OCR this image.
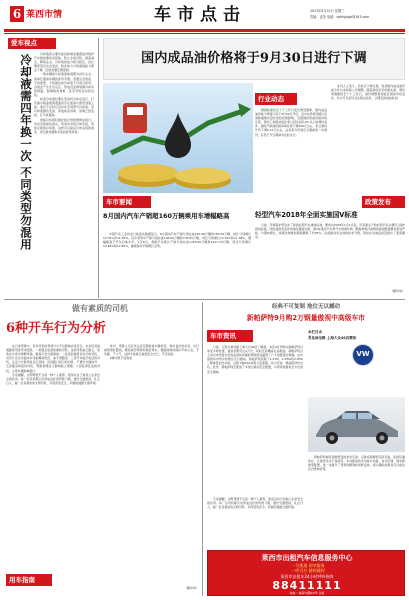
6 莱西市情	车市点击	2013年9月25日 星期三
责编：孟莹 电邮：qdbhjjsgb@163.com
爱车视点
冷却液需四年换一次 不同类型勿混用	冷却液的主要功能是抑制金属腐蚀并保护汽车散热器免受侵蚀，防止水垢沉积，提高沸点，降低冰点。冷却液的成分相当稳定，但长期使用后也会变质，防冻能力与防腐蚀能力都会下降，因此需要定期更换。

一般车辆的冷却液更换周期为四年左右，具体还要看车辆的使用手册。需要注意的是，不同类型、不同颜色的冷却液不可混合使用，否则会产生化学反应，形成沉淀物堵塞冷却系统管路，影响散热效果，甚至导致发动机过热。

检查冷却液时要在发动机冷却后进行，打开副水箱盖观察液面是否在最高与最低刻度之间。液位不足时应及时补充同型号冷却液。若冷却液颜色变深、浑浊或有异味，说明已经变质，应尽快更换。

更换冷却液时最好到正规的维修站进行，先将旧液彻底排出，用清水冲洗冷却系统，再加注新的冷却液，这样可以保证冷却系统的清洁，延长散热器和水泵的使用寿命。

国内成品油价格将于9月30日进行下调
行业动态

据国际油价近十个工作日变化情况测算，国内成品油价格下调窗口将于9月30日开启。受中东局势趋缓以及美联储维持量化宽松政策影响，近期国际原油价格持续走低，国内三地原油变化率已经达到负4%以上的调价条件，届时汽柴油价格每吨有望下调200元左右，折合到每升约下调0.15元左右。这将是今年国庆长假前的一次调价，有利于节日期间市民的出行。

业内人士表示，若此次下调兑现，将是国内成品油价格今年以来的第八次调整。随着新的定价机制实施，调价周期缩短至十个工作日，油价调整更加贴近国际市场变化，车主可以密切关注相关消息，合理安排加油时间。

车市要闻
8月国内汽车产销超160万辆乘用车增幅略高

中国汽车工业协会日前发布数据显示，8月国内汽车产销分别完成161.68万辆和160.09万辆，同比分别增长12.76%和11.05%。其中乘用车产销分别完成136.69万辆和133.65万辆，同比分别增长14.39%和11.38%，增幅略高于汽车总体水平。1至8月，我国汽车累计产销分别完成1418.56万辆和1411.79万辆，同比分别增长13.48%和12.86%，继续保持平稳增长态势。

政策发布
轻型汽车2018年全面实施国Ⅴ标准

日前，环境保护部发布了新的轻型汽车排放标准，要求自2018年1月1日起，所有新生产的轻型汽车必须符合国Ⅴ排放标准，同时鼓励有条件的地区提前实施。国Ⅴ标准对汽车尾气中氮氧化物、颗粒物等污染物的排放限值要求更加严格，与国Ⅳ相比，氮氧化物排放限值降低了约25%。这将推动车企加快技术升级，同时也对油品质量提出了更高要求。

（据中华）
做有素质的司机
6种开车行为分析

在日常驾驶中，有些司机的驾驶行为不仅影响自身安全，也会给其他道路使用者带来困扰。一是随意变道加塞的司机，这类司机缺乏耐心，喜欢在车流中频繁穿插，极易引发交通事故；二是夜间滥用远光灯的司机，远光灯会让对面来车司机瞬间致盲，看不清路况；三是开车接打电话的司机，注意力分散导致反应迟钝；四是路口抢行的司机，不遵守交通信号；五是随意鸣笛的司机，既制造噪音又影响他人情绪；六是乱停乱放的司机，占用车道影响通行。

专家提醒，文明驾驶不仅是一种个人素养，更是对自己和他人生命安全的负责。每一位司机都应该养成良好的驾驶习惯，遵守交通规则，礼让行人，做一名有素质的文明司机，共同营造安全、和谐的道路交通环境。

此外，驾驶人还应该注意定期检查车辆状况，保持良好的车况，出行前规划好路线，避免疲劳驾驶和酒后驾车。遇到拥堵时保持平和心态，不急躁、不斗气，这样才能真正做到安全出行，平安到家。

6种司机不受欢迎

（据中华）
用车指南
经典不可复制 地位无以撼动
新帕萨特9月购2万钢量傲视中高级车市
车市资讯

日前，记者从神龙路上海大众4S店了解到，本店9月份购买新帕萨特可享受丰厚优惠，最高优惠可达2万元，同时还有精美礼品相送。新帕萨特自上市以来凭借出色的品质和卓越的驾驶感受赢得了广大消费者的青睐，在中高级车市场中的地位无以撼动。新帕萨特搭载了1.4TSI、1.8TSI和2.0TSI三种排量的发动机，匹配7速DSG双离合变速箱，动力充沛，燃油经济性出色。此外，新帕萨特还配备了多项主被动安全配置，为驾乘者提供全方位的安全保障。

本栏目由
青岛神龙路·上海大众4S店赞助
VW

新帕萨特拥有宽敞舒适的乘坐空间，后排座椅腿部空间充裕，座椅包裹性好，长途乘坐也不易疲劳。车内配备的多功能方向盘、自动空调、倒车影像等配置，进一步提升了驾乘的便利性和舒适性。感兴趣的消费者可以前往店内垂询试驾。

专家提醒，文明驾驶不仅是一种个人素养，更是对自己和他人生命安全的负责。每一位司机都应该养成良好的驾驶习惯，遵守交通规则，礼让行人，做一名有素质的文明司机，共同营造安全、和谐的道路交通环境。

莱西市出租汽车信息服务中心
一号拨通 即享服务
一呼百应 随叫随到
莱西市出租车24小时呼叫热线
88411111
地址：威海中路19号·合信
